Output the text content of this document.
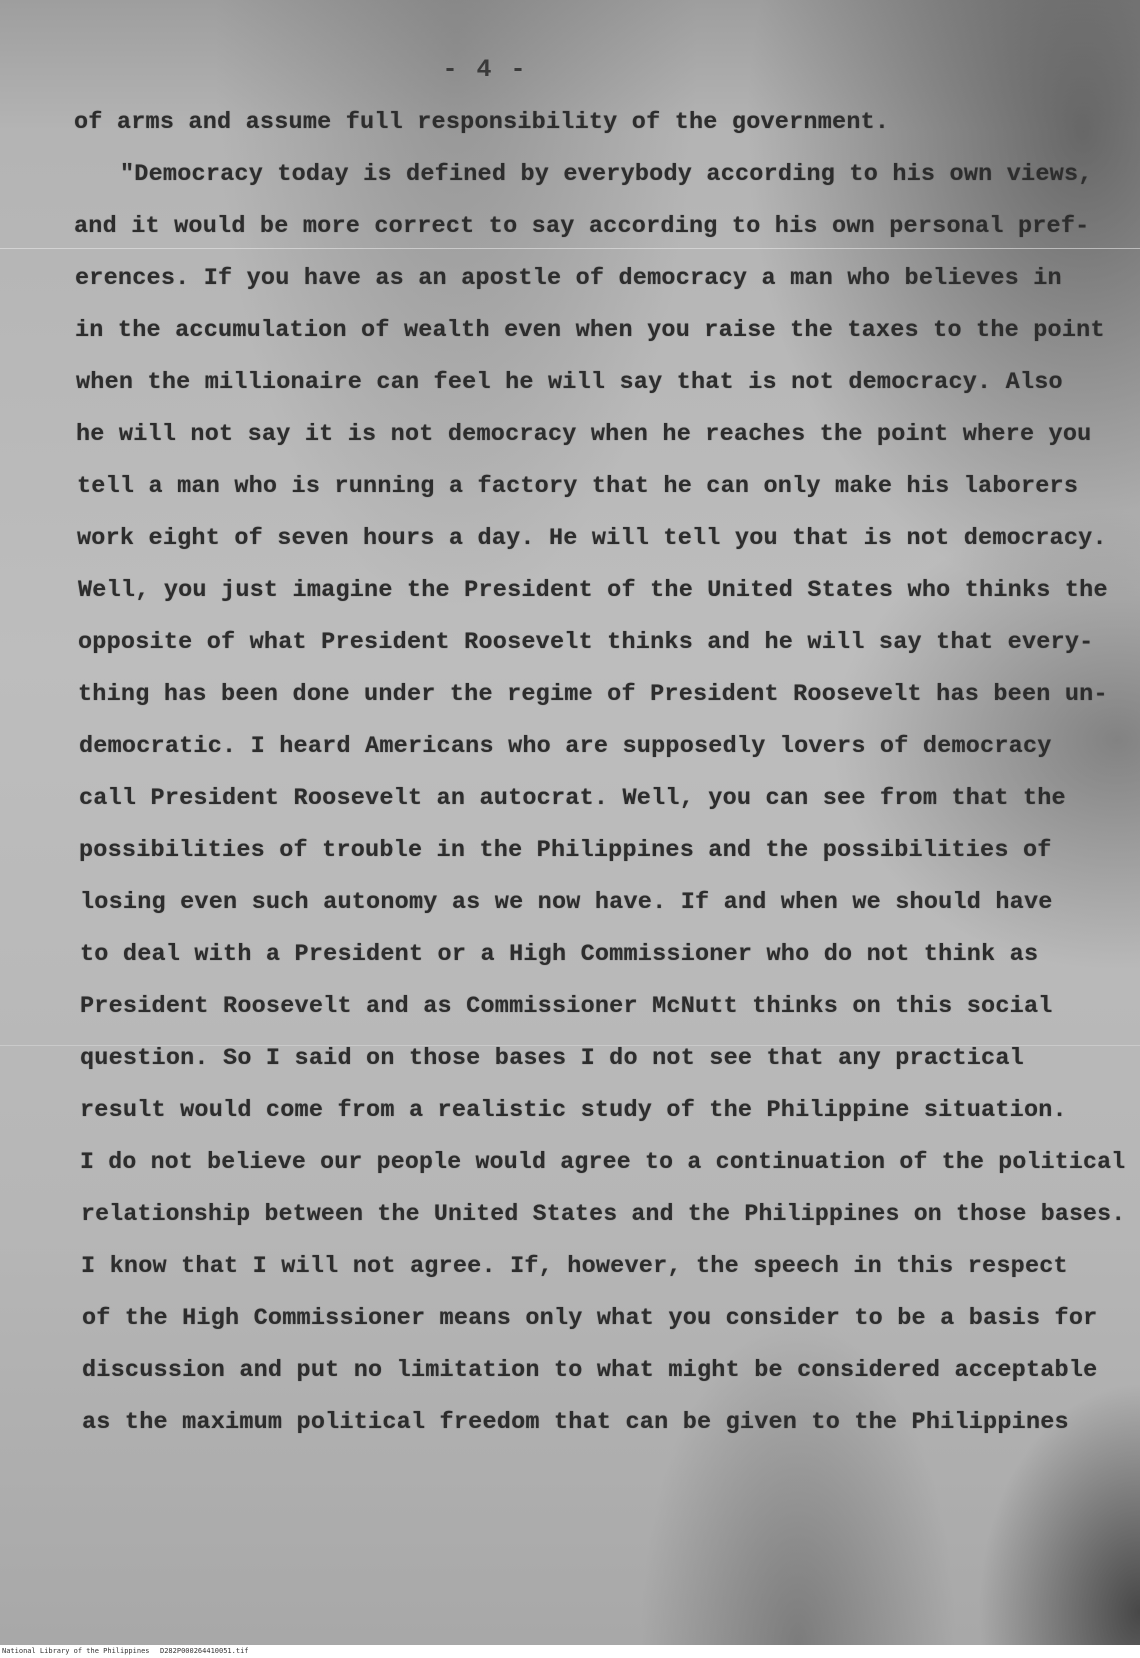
- 4 -
of arms and assume full responsibility of the government.
"Democracy today is defined by everybody according to his own views,
and it would be more correct to say according to his own personal pref-
erences. If you have as an apostle of democracy a man who believes in
in the accumulation of wealth even when you raise the taxes to the point
when the millionaire can feel he will say that is not democracy. Also
he will not say it is not democracy when he reaches the point where you
tell a man who is running a factory that he can only make his laborers
work eight of seven hours a day. He will tell you that is not democracy.
Well, you just imagine the President of the United States who thinks the
opposite of what President Roosevelt thinks and he will say that every-
thing has been done under the regime of President Roosevelt has been un-
democratic. I heard Americans who are supposedly lovers of democracy
call President Roosevelt an autocrat. Well, you can see from that the
possibilities of trouble in the Philippines and the possibilities of
losing even such autonomy as we now have. If and when we should have
to deal with a President or a High Commissioner who do not think as
President Roosevelt and as Commissioner McNutt thinks on this social
question. So I said on those bases I do not see that any practical
result would come from a realistic study of the Philippine situation.
I do not believe our people would agree to a continuation of the political
relationship between the United States and the Philippines on those bases.
I know that I will not agree. If, however, the speech in this respect
of the High Commissioner means only what you consider to be a basis for
discussion and put no limitation to what might be considered acceptable
as the maximum political freedom that can be given to the Philippines
National Library of the Philippines D282P000264410051.tif
